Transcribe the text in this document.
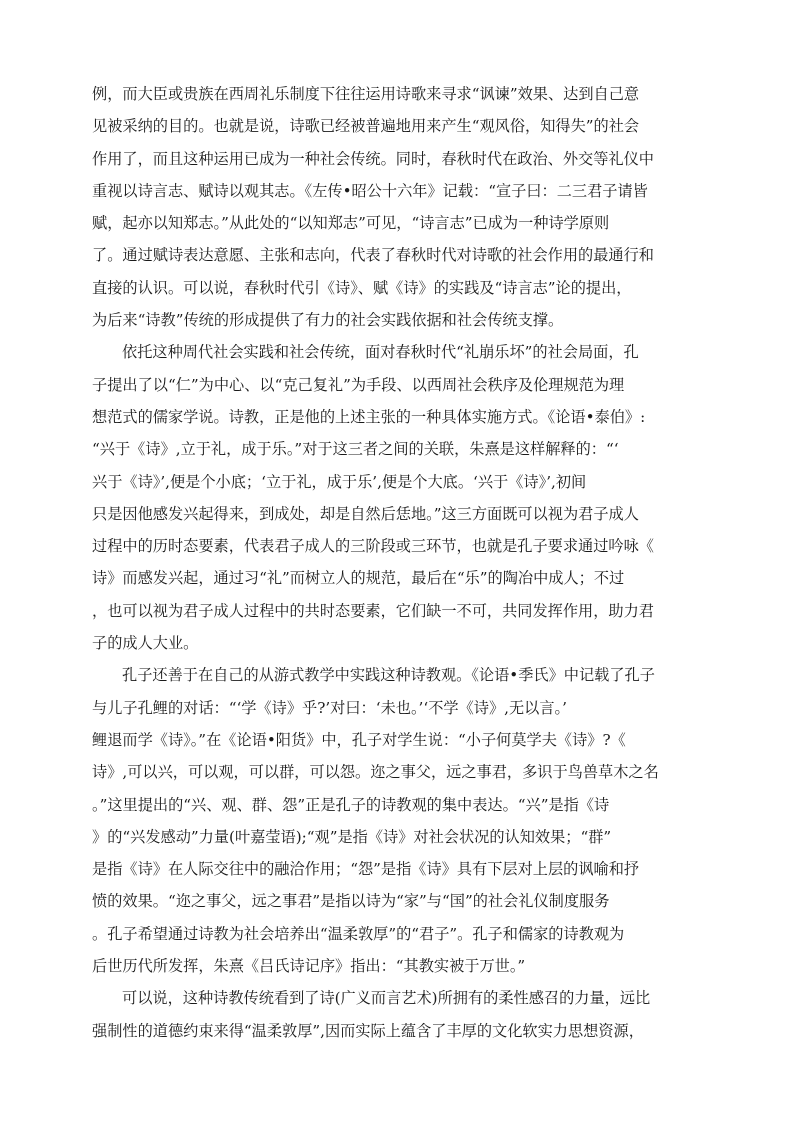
例，而大臣或贵族在西周礼乐制度下往往运用诗歌来寻求“讽谏”效果、达到自己意
见被采纳的目的。也就是说，诗歌已经被普遍地用来产生“观风俗，知得失”的社会
作用了，而且这种运用已成为一种社会传统。同时，春秋时代在政治、外交等礼仪中
重视以诗言志、赋诗以观其志。《左传•昭公十六年》记载：“宣子曰：二三君子请皆
赋，起亦以知郑志。”从此处的“以知郑志”可见，“诗言志”已成为一种诗学原则
了。通过赋诗表达意愿、主张和志向，代表了春秋时代对诗歌的社会作用的最通行和
直接的认识。可以说，春秋时代引《诗》、赋《诗》的实践及“诗言志”论的提出，
为后来“诗教”传统的形成提供了有力的社会实践依据和社会传统支撑。
依托这种周代社会实践和社会传统，面对春秋时代“礼崩乐坏”的社会局面，孔
子提出了以“仁”为中心、以“克己复礼”为手段、以西周社会秩序及伦理规范为理
想范式的儒家学说。诗教，正是他的上述主张的一种具体实施方式。《论语•泰伯》:
“兴于《诗》,立于礼，成于乐。”对于这三者之间的关联，朱熹是这样解释的：“‘
兴于《诗》’,便是个小底；‘立于礼，成于乐’,便是个大底。‘兴于《诗》’,初间
只是因他感发兴起得来，到成处，却是自然后恁地。”这三方面既可以视为君子成人
过程中的历时态要素，代表君子成人的三阶段或三环节，也就是孔子要求通过吟咏《
诗》而感发兴起，通过习“礼”而树立人的规范，最后在“乐”的陶冶中成人；不过
，也可以视为君子成人过程中的共时态要素，它们缺一不可，共同发挥作用，助力君
子的成人大业。
孔子还善于在自己的从游式教学中实践这种诗教观。《论语•季氏》中记载了孔子
与儿子孔鲤的对话：“‘学《诗》乎?’对曰：‘未也。’‘不学《诗》,无以言。’
鲤退而学《诗》。”在《论语•阳货》中，孔子对学生说：“小子何莫学夫《诗》?《
诗》,可以兴，可以观，可以群，可以怨。迩之事父，远之事君，多识于鸟兽草木之名
。”这里提出的“兴、观、群、怨”正是孔子的诗教观的集中表达。“兴”是指《诗
》的“兴发感动”力量(叶嘉莹语);“观”是指《诗》对社会状况的认知效果；“群”
是指《诗》在人际交往中的融洽作用；“怨”是指《诗》具有下层对上层的讽喻和抒
愤的效果。“迩之事父，远之事君”是指以诗为“家”与“国”的社会礼仪制度服务
。孔子希望通过诗教为社会培养出“温柔敦厚”的“君子”。孔子和儒家的诗教观为
后世历代所发挥，朱熹《吕氏诗记序》指出：“其教实被于万世。”
可以说，这种诗教传统看到了诗(广义而言艺术)所拥有的柔性感召的力量，远比
强制性的道德约束来得“温柔敦厚”,因而实际上蕴含了丰厚的文化软实力思想资源，
